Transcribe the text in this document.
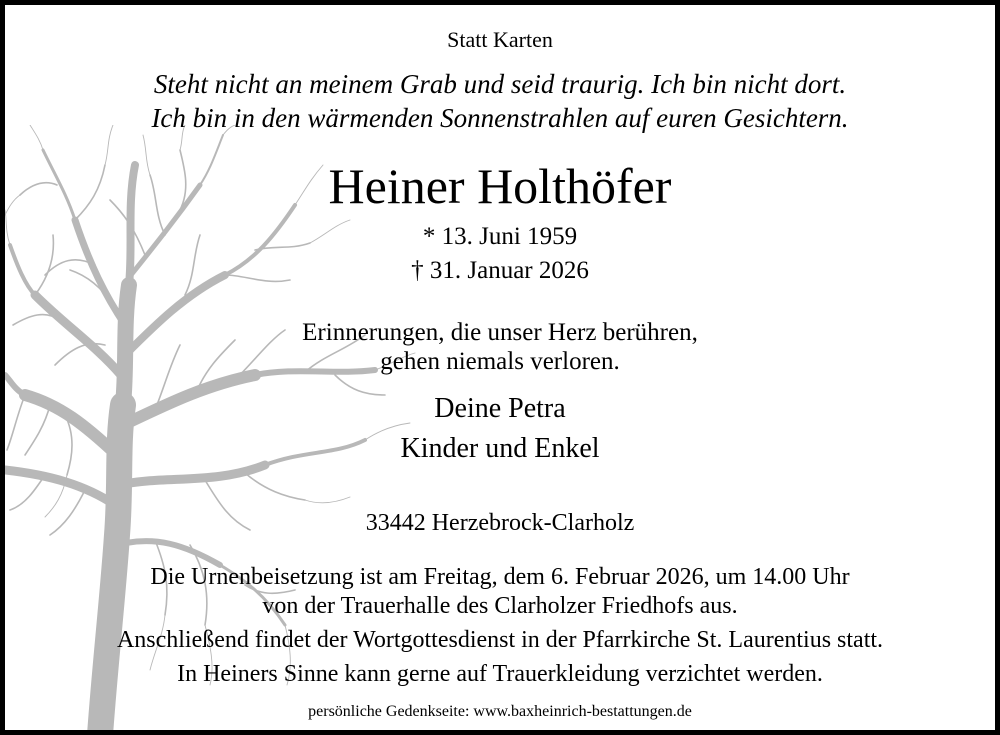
Statt Karten
Steht nicht an meinem Grab und seid traurig. Ich bin nicht dort.
Ich bin in den wärmenden Sonnenstrahlen auf euren Gesichtern.
Heiner Holthöfer
* 13. Juni 1959
† 31. Januar 2026
Erinnerungen, die unser Herz berühren,
gehen niemals verloren.
Deine Petra
Kinder und Enkel
33442 Herzebrock-Clarholz
Die Urnenbeisetzung ist am Freitag, dem 6. Februar 2026, um 14.00 Uhr
von der Trauerhalle des Clarholzer Friedhofs aus.
Anschließend findet der Wortgottesdienst in der Pfarrkirche St. Laurentius statt.
In Heiners Sinne kann gerne auf Trauerkleidung verzichtet werden.
persönliche Gedenkseite: www.baxheinrich-bestattungen.de
